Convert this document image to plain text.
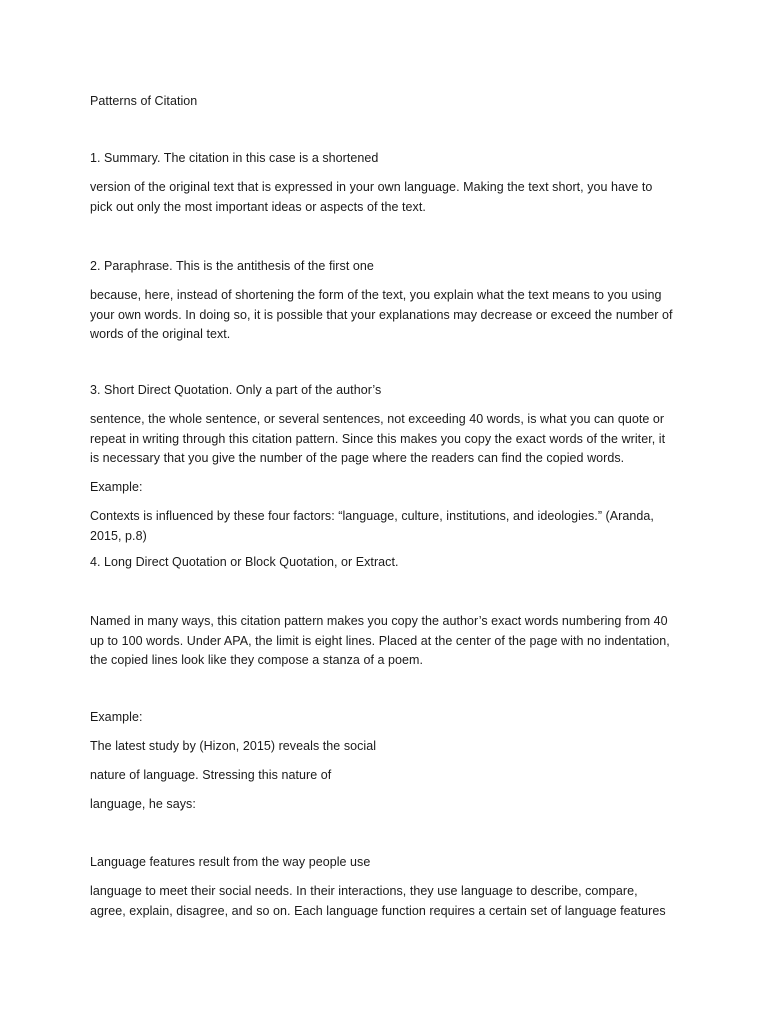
Patterns of Citation
1. Summary. The citation in this case is a shortened
version of the original text that is expressed in your own language. Making the text short, you have to pick out only the most important ideas or aspects of the text.
2. Paraphrase. This is the antithesis of the first one
because, here, instead of shortening the form of the text, you explain what the text means to you using your own words. In doing so, it is possible that your explanations may decrease or exceed the number of words of the original text.
3. Short Direct Quotation. Only a part of the author’s
sentence, the whole sentence, or several sentences, not exceeding 40 words, is what you can quote or repeat in writing through this citation pattern. Since this makes you copy the exact words of the writer, it is necessary that you give the number of the page where the readers can find the copied words.
Example:
Contexts is influenced by these four factors: “language, culture, institutions, and ideologies.” (Aranda, 2015, p.8)
4. Long Direct Quotation or Block Quotation, or Extract.
Named in many ways, this citation pattern makes you copy the author’s exact words numbering from 40 up to 100 words. Under APA, the limit is eight lines. Placed at the center of the page with no indentation, the copied lines look like they compose a stanza of a poem.
Example:
The latest study by (Hizon, 2015) reveals the social
nature of language. Stressing this nature of
language, he says:
Language features result from the way people use
language to meet their social needs. In their interactions, they use language to describe, compare, agree, explain, disagree, and so on. Each language function requires a certain set of language features
